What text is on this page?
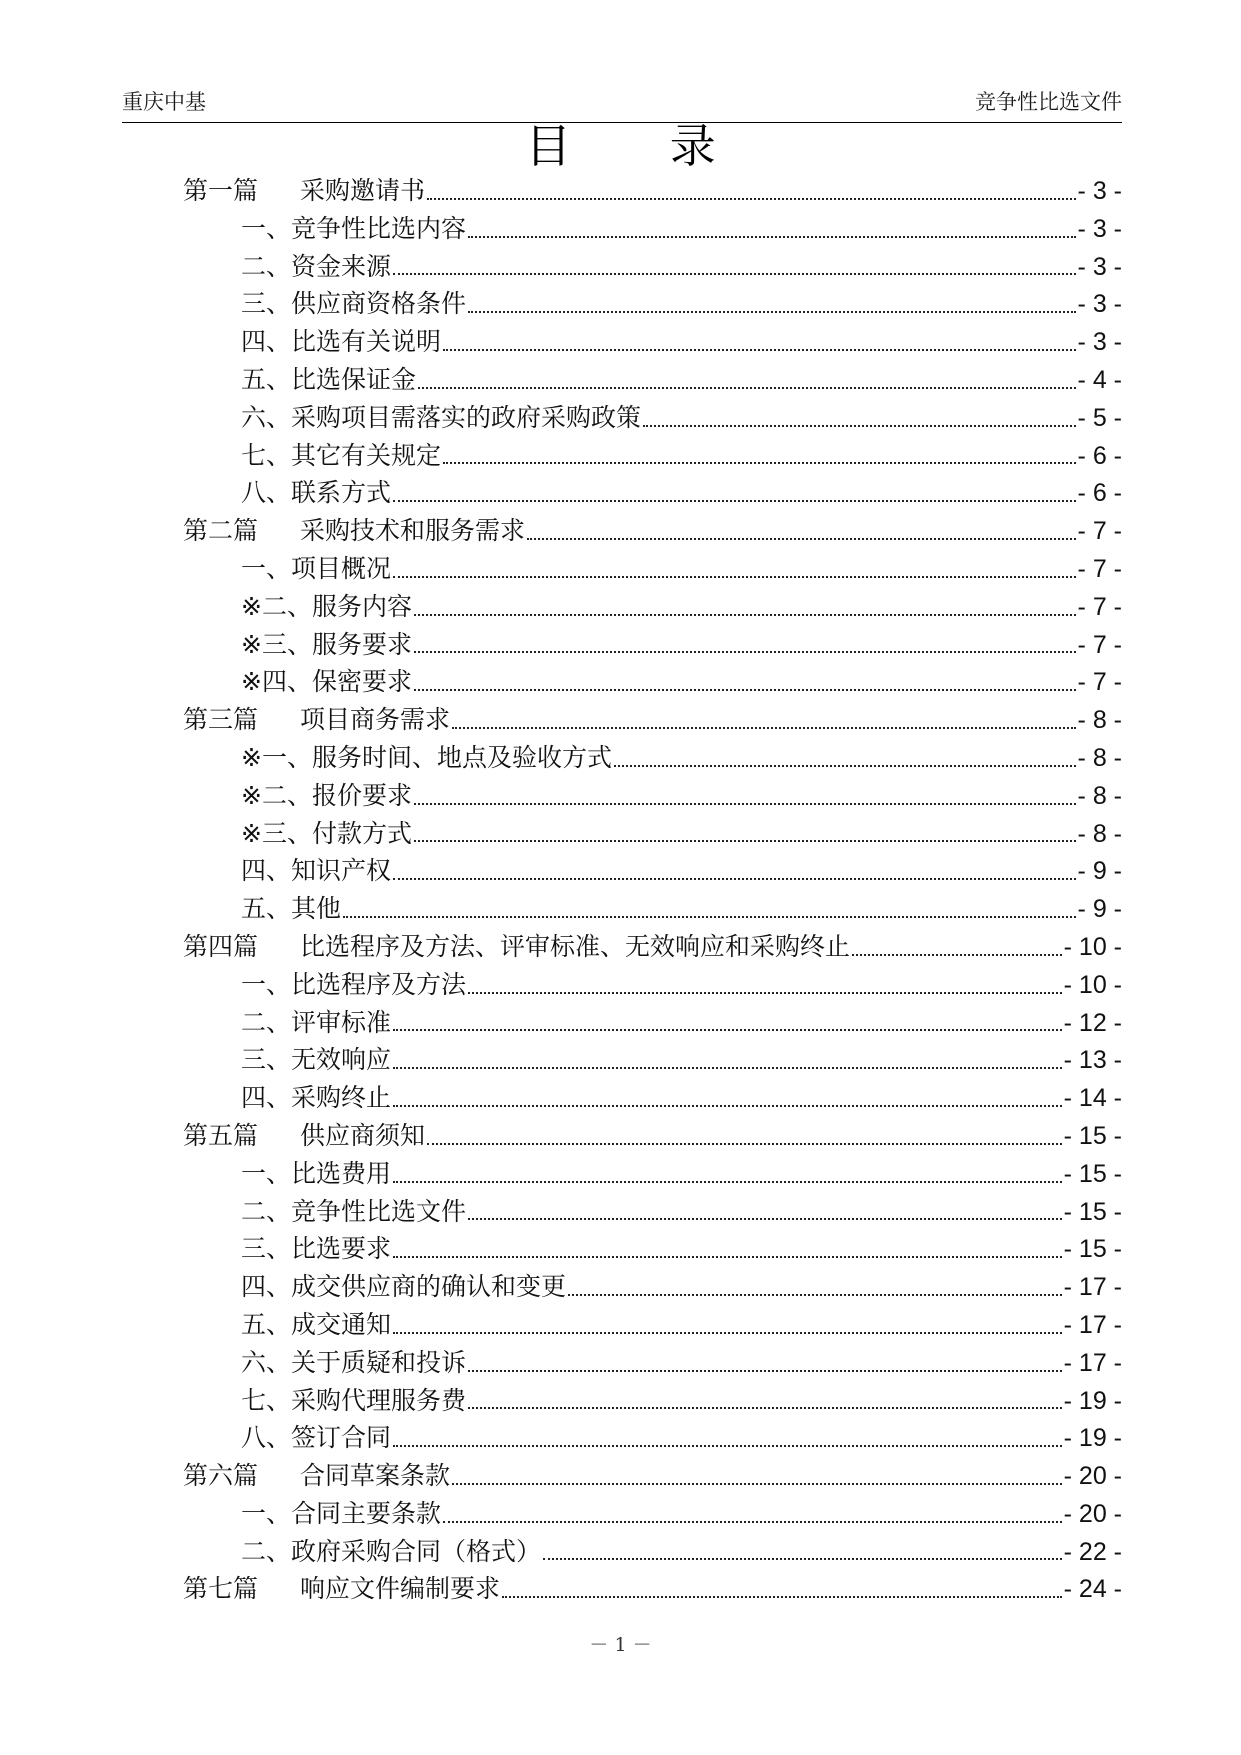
重庆中基	竞争性比选文件
目 录
第一篇 采购邀请书	- 3 -
一、竞争性比选内容	- 3 -
二、资金来源	- 3 -
三、供应商资格条件	- 3 -
四、比选有关说明	- 3 -
五、比选保证金	- 4 -
六、采购项目需落实的政府采购政策	- 5 -
七、其它有关规定	- 6 -
八、联系方式	- 6 -
第二篇 采购技术和服务需求	- 7 -
一、项目概况	- 7 -
※二、服务内容	- 7 -
※三、服务要求	- 7 -
※四、保密要求	- 7 -
第三篇 项目商务需求	- 8 -
※一、服务时间、地点及验收方式	- 8 -
※二、报价要求	- 8 -
※三、付款方式	- 8 -
四、知识产权	- 9 -
五、其他	- 9 -
第四篇 比选程序及方法、评审标准、无效响应和采购终止	- 10 -
一、比选程序及方法	- 10 -
二、评审标准	- 12 -
三、无效响应	- 13 -
四、采购终止	- 14 -
第五篇 供应商须知	- 15 -
一、比选费用	- 15 -
二、竞争性比选文件	- 15 -
三、比选要求	- 15 -
四、成交供应商的确认和变更	- 17 -
五、成交通知	- 17 -
六、关于质疑和投诉	- 17 -
七、采购代理服务费	- 19 -
八、签订合同	- 19 -
第六篇 合同草案条款	- 20 -
一、合同主要条款	- 20 -
二、政府采购合同（格式）	- 22 -
第七篇 响应文件编制要求	- 24 -
－ 1 －
